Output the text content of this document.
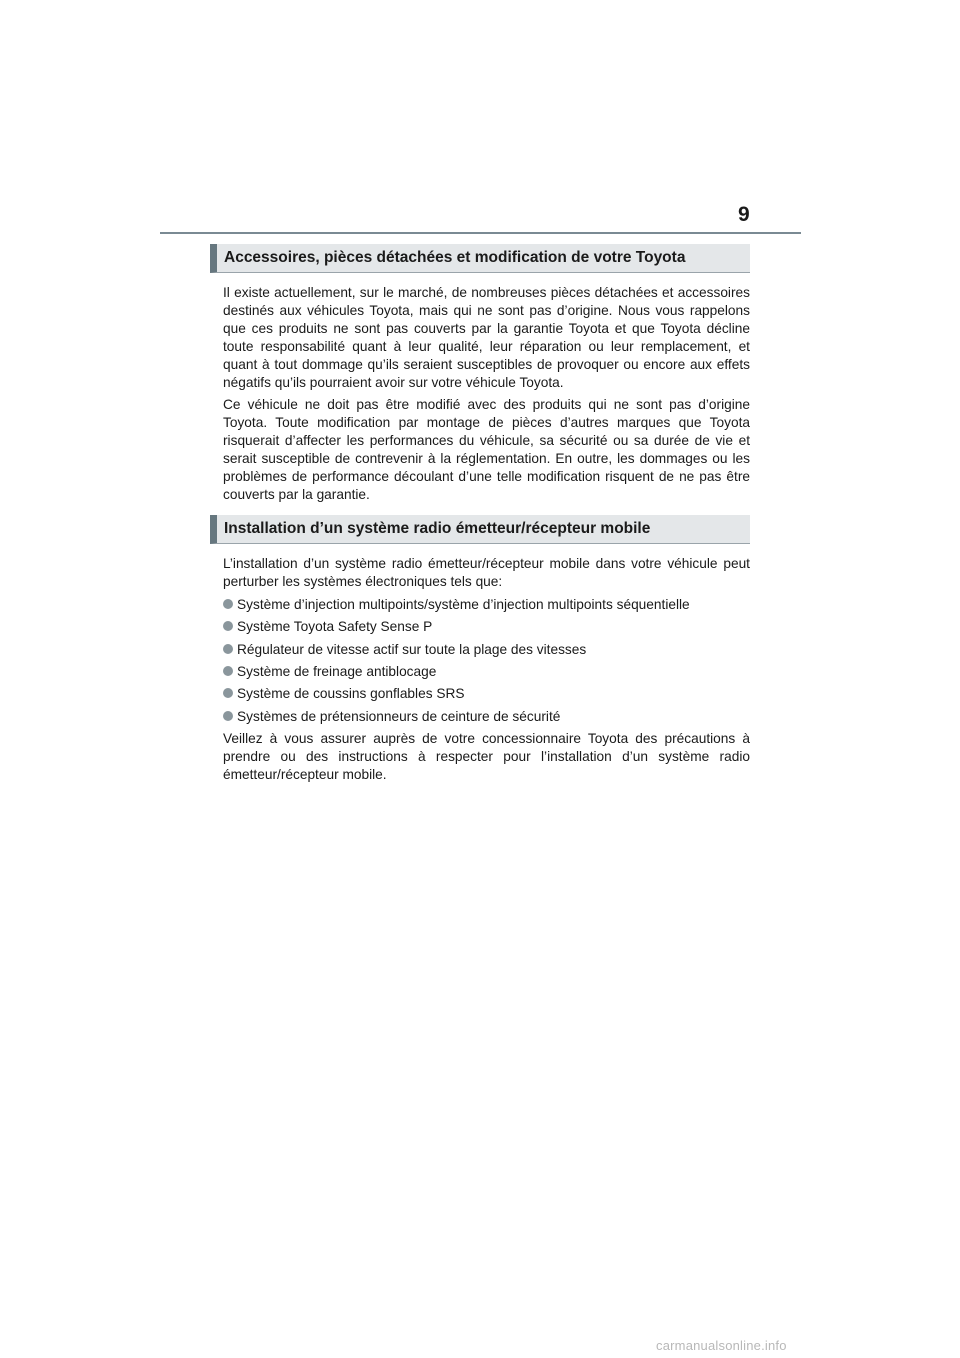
9
Accessoires, pièces détachées et modification de votre Toyota

Il existe actuellement, sur le marché, de nombreuses pièces détachées et accessoires destinés aux véhicules Toyota, mais qui ne sont pas d’origine. Nous vous rappelons que ces produits ne sont pas couverts par la garantie Toyota et que Toyota décline toute responsabilité quant à leur qualité, leur réparation ou leur remplacement, et quant à tout dommage qu’ils seraient susceptibles de provoquer ou encore aux effets négatifs qu’ils pourraient avoir sur votre véhicule Toyota.

Ce véhicule ne doit pas être modifié avec des produits qui ne sont pas d’origine Toyota. Toute modification par montage de pièces d’autres marques que Toyota risquerait d’affecter les performances du véhicule, sa sécurité ou sa durée de vie et serait susceptible de contrevenir à la réglementation. En outre, les dommages ou les problèmes de performance découlant d’une telle modification risquent de ne pas être couverts par la garantie.

Installation d’un système radio émetteur/récepteur mobile

L’installation d’un système radio émetteur/récepteur mobile dans votre véhicule peut perturber les systèmes électroniques tels que:

Système d’injection multipoints/système d’injection multipoints séquentielle
Système Toyota Safety Sense P
Régulateur de vitesse actif sur toute la plage des vitesses
Système de freinage antiblocage
Système de coussins gonflables SRS
Systèmes de prétensionneurs de ceinture de sécurité

Veillez à vous assurer auprès de votre concessionnaire Toyota des précautions à prendre ou des instructions à respecter pour l’installation d’un système radio émetteur/récepteur mobile.

carmanualsonline.info
